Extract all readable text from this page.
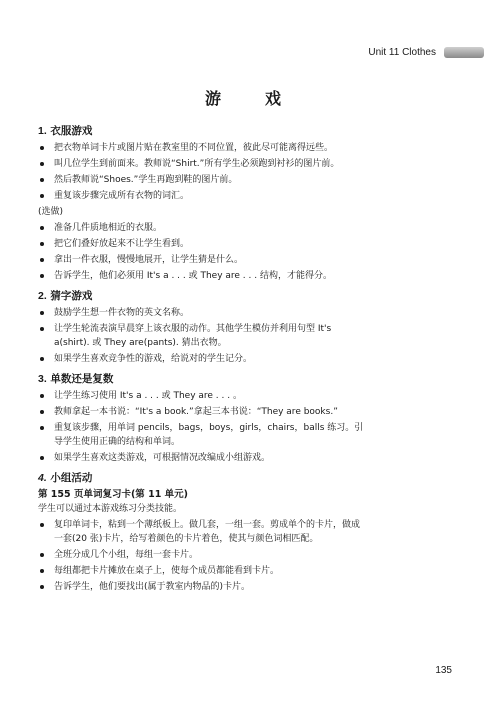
Unit 11 Clothes
游　戏
1. 衣服游戏
把衣物单词卡片或图片贴在教室里的不同位置，彼此尽可能离得远些。
叫几位学生到前面来。教师说“Shirt.”所有学生必须跑到衬衫的图片前。
然后教师说“Shoes.”学生再跑到鞋的图片前。
重复该步骤完成所有衣物的词汇。
(选做)
准备几件质地相近的衣服。
把它们叠好放起来不让学生看到。
拿出一件衣服，慢慢地展开，让学生猜是什么。
告诉学生，他们必须用 It's a . . . 或 They are . . . 结构，才能得分。
2. 猜字游戏
鼓励学生想一件衣物的英文名称。
让学生轮流表演早晨穿上该衣服的动作。其他学生模仿并利用句型 It's a(shirt). 或 They are(pants). 猜出衣物。
如果学生喜欢竞争性的游戏，给说对的学生记分。
3. 单数还是复数
让学生练习使用 It's a . . . 或 They are . . . 。
教师拿起一本书说：“It's a book.”拿起三本书说：“They are books.”
重复该步骤，用单词 pencils，bags，boys，girls，chairs，balls 练习。引导学生使用正确的结构和单词。
如果学生喜欢这类游戏，可根据情况改编成小组游戏。
4. 小组活动
第 155 页单词复习卡(第 11 单元)
学生可以通过本游戏练习分类技能。
复印单词卡，粘到一个薄纸板上。做几套，一组一套。剪成单个的卡片，做成一套(20 张)卡片，给写着颜色的卡片着色，使其与颜色词相匹配。
全班分成几个小组，每组一套卡片。
每组都把卡片摊放在桌子上，使每个成员都能看到卡片。
告诉学生，他们要找出(属于教室内物品的)卡片。
135
